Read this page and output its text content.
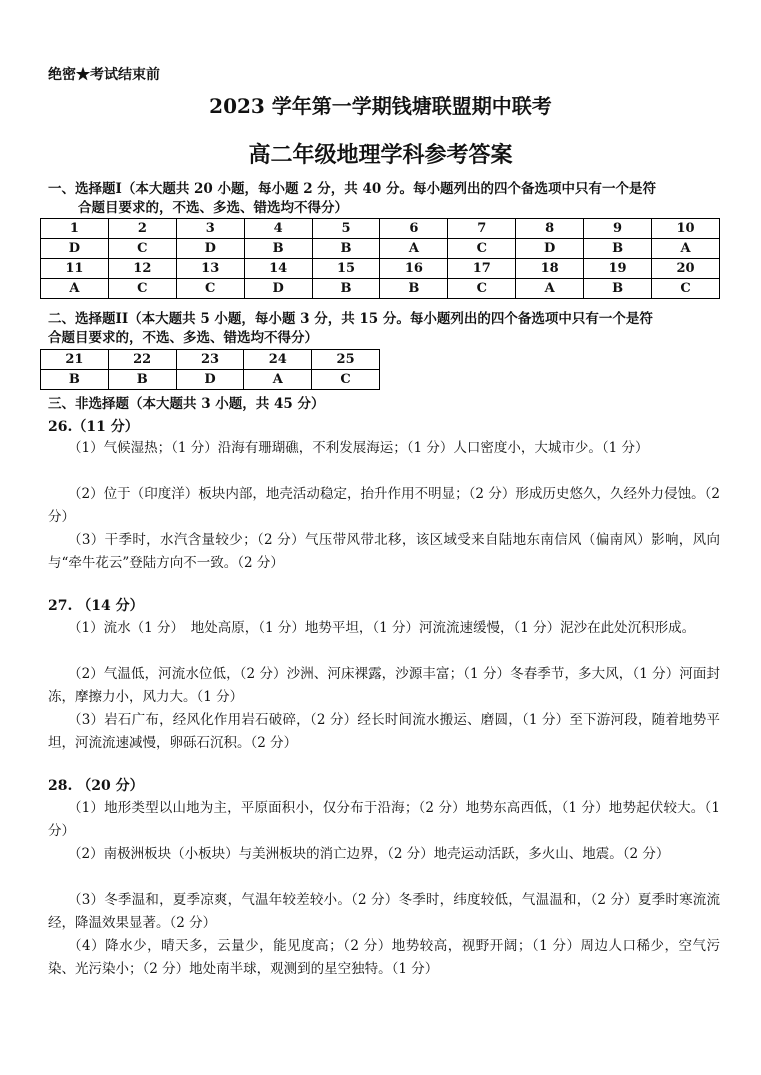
绝密★考试结束前
2023 学年第一学期钱塘联盟期中联考
高二年级地理学科参考答案
一、选择题I（本大题共 20 小题，每小题 2 分，共 40 分。每小题列出的四个备选项中只有一个是符
合题目要求的，不选、多选、错选均不得分）
1	2	3	4	5	6	7	8	9	10
D	C	D	B	B	A	C	D	B	A
11	12	13	14	15	16	17	18	19	20
A	C	C	D	B	B	C	A	B	C
二、选择题II（本大题共 5 小题，每小题 3 分，共 15 分。每小题列出的四个备选项中只有一个是符
合题目要求的，不选、多选、错选均不得分）
21	22	23	24	25
B	B	D	A	C
三、非选择题（本大题共 3 小题，共 45 分）
26.（11 分）
（1）气候湿热；（1 分）沿海有珊瑚礁，不利发展海运；（1 分）人口密度小，大城市少。（1 分）
（2）位于（印度洋）板块内部，地壳活动稳定，抬升作用不明显；（2 分）形成历史悠久，久经外力侵蚀。（2 分）
（3）干季时，水汽含量较少；（2 分）气压带风带北移，该区域受来自陆地东南信风（偏南风）影响，风向与“牵牛花云”登陆方向不一致。（2 分）
27. （14 分）
（1）流水（1 分）　地处高原，（1 分）地势平坦，（1 分）河流流速缓慢，（1 分）泥沙在此处沉积形成。
（2）气温低，河流水位低，（2 分）沙洲、河床裸露，沙源丰富；（1 分）冬春季节，多大风，（1 分）河面封冻，摩擦力小，风力大。（1 分）
（3）岩石广布，经风化作用岩石破碎，（2 分）经长时间流水搬运、磨圆，（1 分）至下游河段，随着地势平坦，河流流速减慢，卵砾石沉积。（2 分）
28. （20 分）
（1）地形类型以山地为主，平原面积小，仅分布于沿海；（2 分）地势东高西低，（1 分）地势起伏较大。（1 分）
（2）南极洲板块（小板块）与美洲板块的消亡边界，（2 分）地壳运动活跃，多火山、地震。（2 分）
（3）冬季温和，夏季凉爽，气温年较差较小。（2 分）冬季时，纬度较低，气温温和，（2 分）夏季时寒流流经，降温效果显著。（2 分）
（4）降水少，晴天多，云量少，能见度高；（2 分）地势较高，视野开阔；（1 分）周边人口稀少，空气污染、光污染小；（2 分）地处南半球，观测到的星空独特。（1 分）
